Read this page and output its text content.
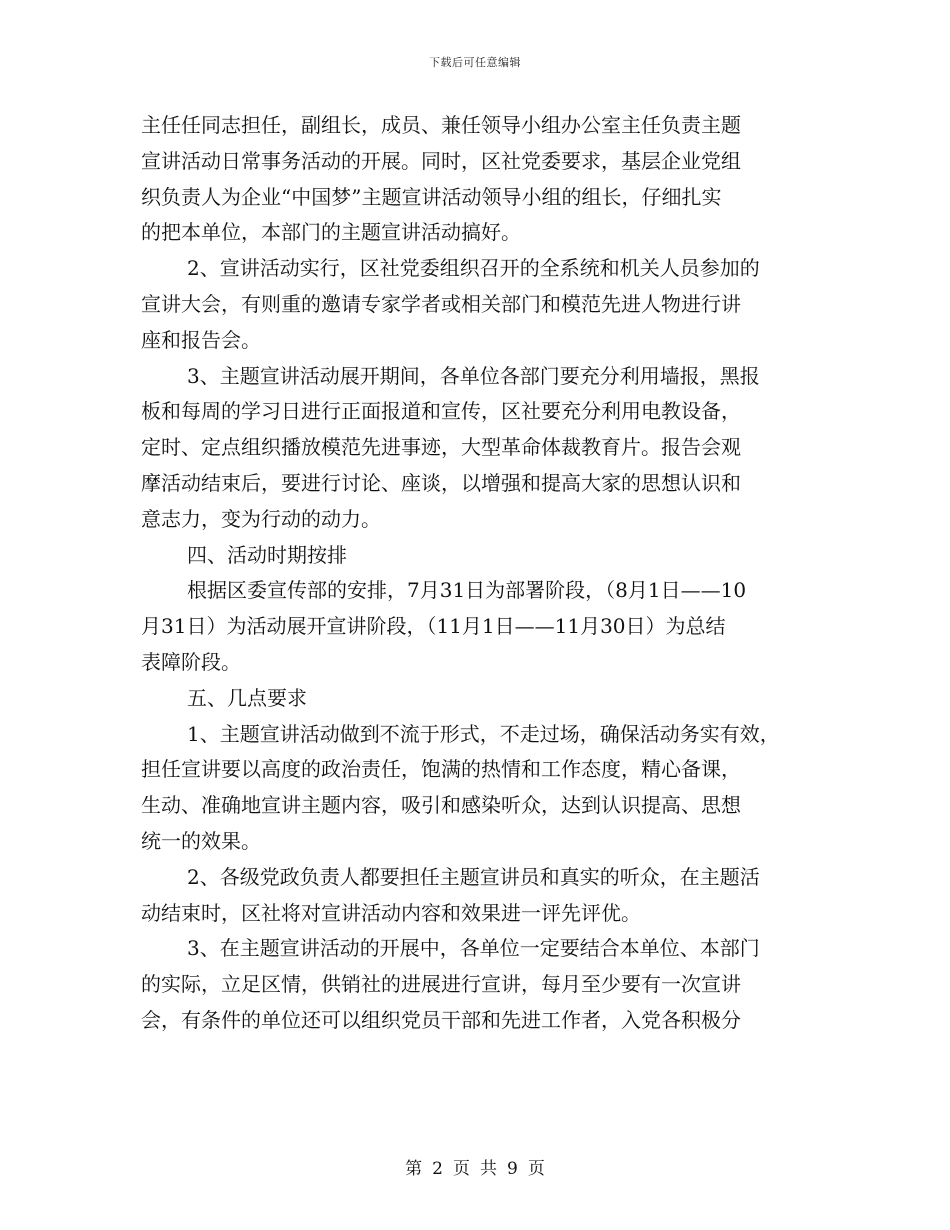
下载后可任意编辑
主任任同志担任，副组长，成员、兼任领导小组办公室主任负责主题
宣讲活动日常事务活动的开展。同时，区社党委要求，基层企业党组
织负责人为企业“中国梦”主题宣讲活动领导小组的组长，仔细扎实
的把本单位，本部门的主题宣讲活动搞好。
2、宣讲活动实行，区社党委组织召开的全系统和机关人员参加的
宣讲大会，有则重的邀请专家学者或相关部门和模范先进人物进行讲
座和报告会。
3、主题宣讲活动展开期间，各单位各部门要充分利用墙报，黑报
板和每周的学习日进行正面报道和宣传，区社要充分利用电教设备，
定时、定点组织播放模范先进事迹，大型革命体裁教育片。报告会观
摩活动结束后，要进行讨论、座谈，以增强和提高大家的思想认识和
意志力，变为行动的动力。
四、活动时期按排
根据区委宣传部的安排，7月31日为部署阶段，（8月1日——10
月31日）为活动展开宣讲阶段，（11月1日——11月30日）为总结
表障阶段。
五、几点要求
1、主题宣讲活动做到不流于形式，不走过场，确保活动务实有效，
担任宣讲要以高度的政治责任，饱满的热情和工作态度，精心备课，
生动、准确地宣讲主题内容，吸引和感染听众，达到认识提高、思想
统一的效果。
2、各级党政负责人都要担任主题宣讲员和真实的听众，在主题活
动结束时，区社将对宣讲活动内容和效果进一评先评优。
3、在主题宣讲活动的开展中，各单位一定要结合本单位、本部门
的实际，立足区情，供销社的进展进行宣讲，每月至少要有一次宣讲
会，有条件的单位还可以组织党员干部和先进工作者，入党各积极分
第 2 页 共 9 页
